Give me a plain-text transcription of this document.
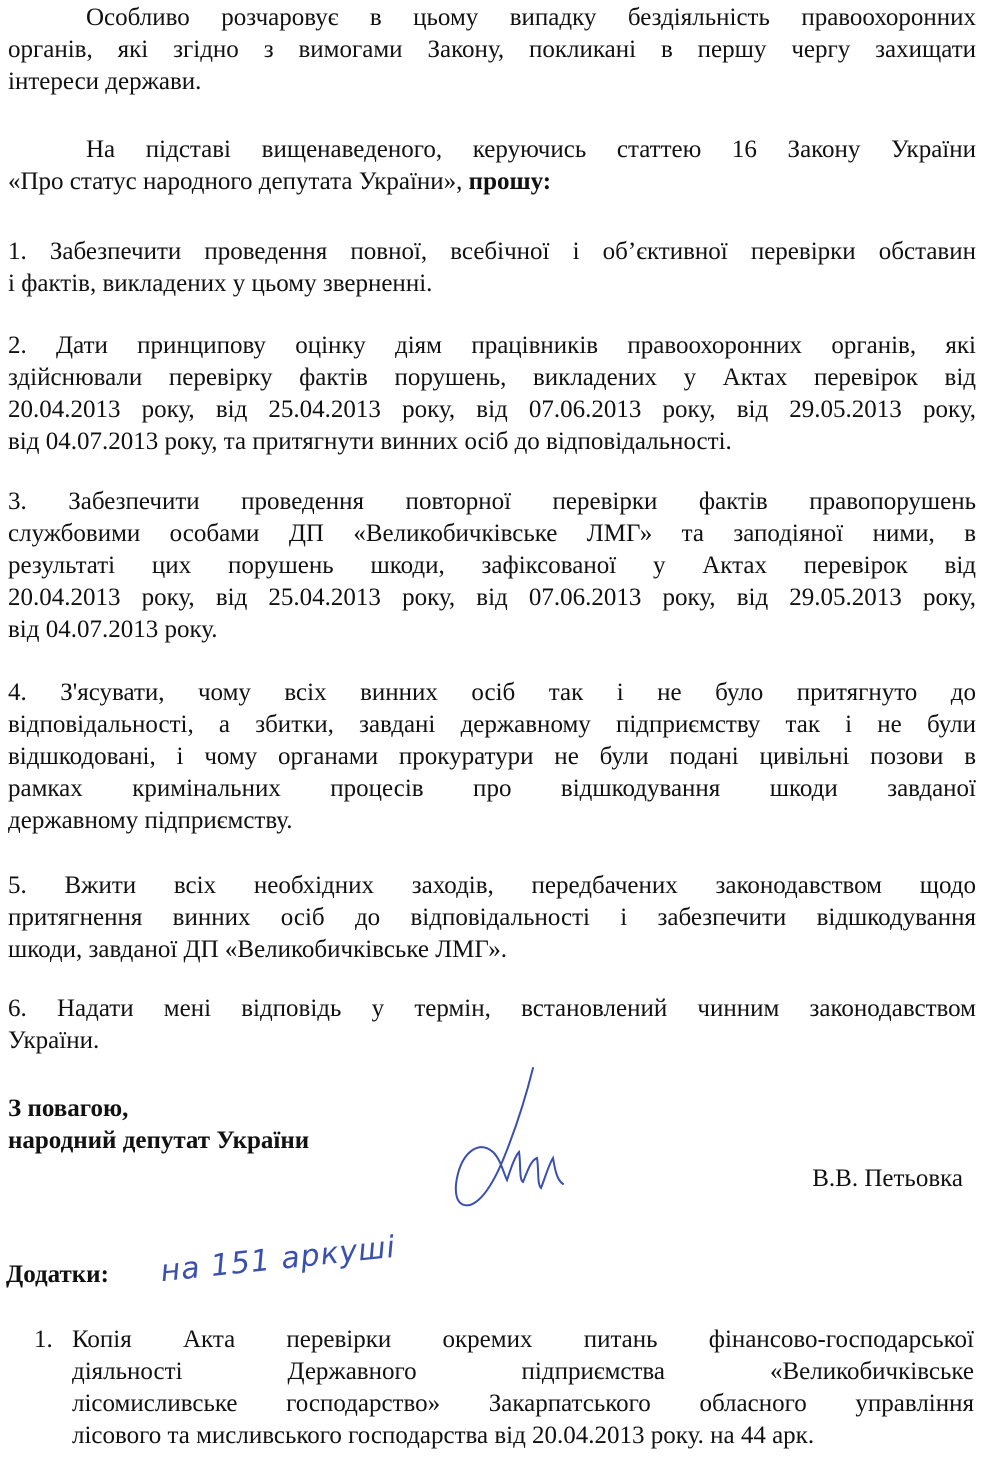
Особливо розчаровує в цьому випадку бездіяльність правоохоронних
органів, які згідно з вимогами Закону, покликані в першу чергу захищати
інтереси держави.
На підставі вищенаведеного, керуючись статтею 16 Закону України
«Про статус народного депутата України», прошу:
1. Забезпечити проведення повної, всебічної і об’єктивної перевірки обставин
і фактів, викладених у цьому зверненні.
2. Дати принципову оцінку діям працівників правоохоронних органів, які
здійснювали перевірку фактів порушень, викладених у Актах перевірок від
20.04.2013 року, від 25.04.2013 року, від 07.06.2013 року, від 29.05.2013 року,
від 04.07.2013 року, та притягнути винних осіб до відповідальності.
3. Забезпечити проведення повторної перевірки фактів правопорушень
службовими особами ДП «Великобичківське ЛМГ» та заподіяної ними, в
результаті цих порушень шкоди, зафіксованої у Актах перевірок від
20.04.2013 року, від 25.04.2013 року, від 07.06.2013 року, від 29.05.2013 року,
від 04.07.2013 року.
4. З'ясувати, чому всіх винних осіб так і не було притягнуто до
відповідальності, а збитки, завдані державному підприємству так і не були
відшкодовані, і чому органами прокуратури не були подані цивільні позови в
рамках кримінальних процесів про відшкодування шкоди завданої
державному підприємству.
5. Вжити всіх необхідних заходів, передбачених законодавством щодо
притягнення винних осіб до відповідальності і забезпечити відшкодування
шкоди, завданої ДП «Великобичківське ЛМГ».
6. Надати мені відповідь у термін, встановлений чинним законодавством
України.
З повагою,
народний депутат України
В.В. Петьовка
Додатки: на 151 аркуші
1. Копія Акта перевірки окремих питань фінансово-господарської
діяльності Державного підприємства «Великобичківське
лісомисливське господарство» Закарпатського обласного управління
лісового та мисливського господарства від 20.04.2013 року. на 44 арк.
